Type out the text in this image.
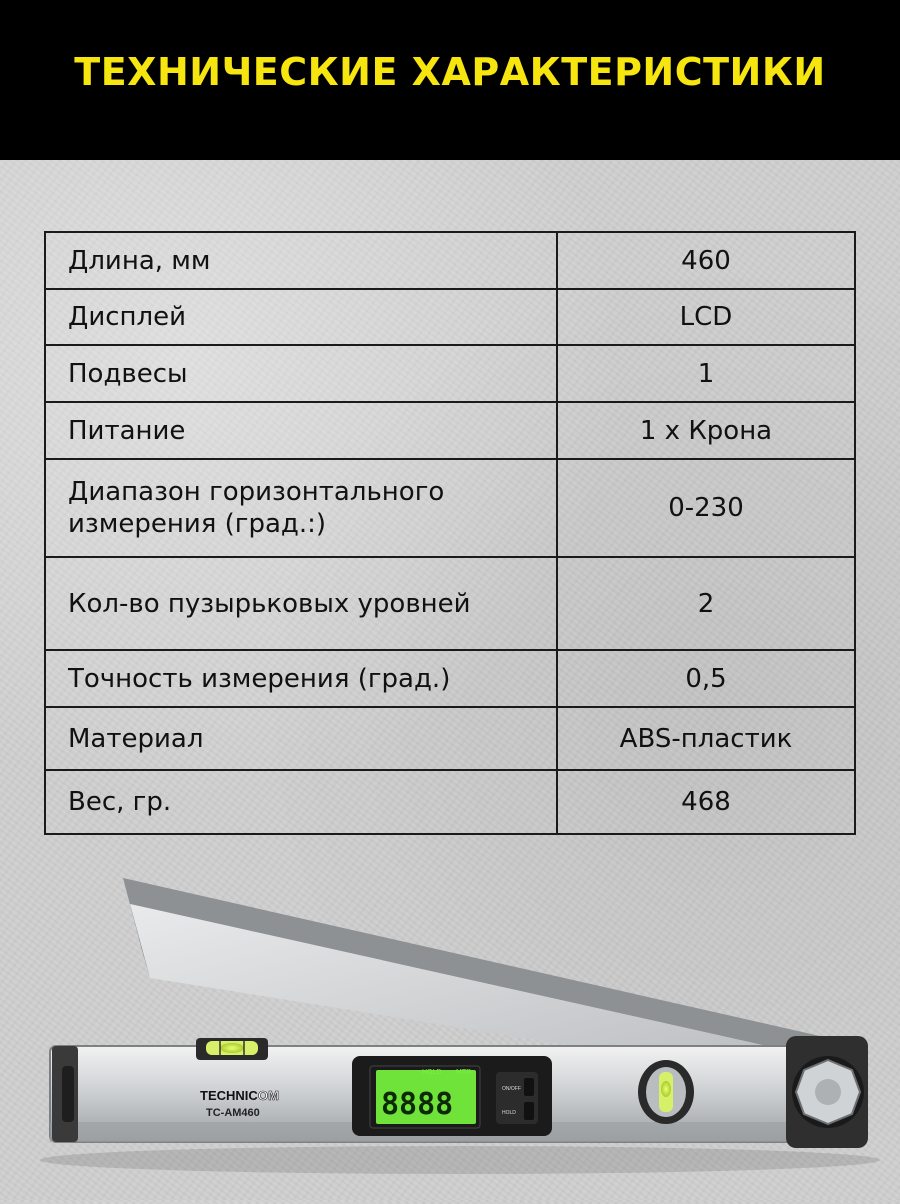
ТЕХНИЧЕСКИЕ ХАРАКТЕРИСТИКИ
Длина, мм	460
Дисплей	LCD
Подвесы	1
Питание	1 х Крона
Диапазон горизонтального измерения (град.:)	0-230
Кол-во пузырьковых уровней	2
Точность измерения (град.)	0,5
Материал	ABS-пластик
Вес, гр.	468
TECHNIC OM
TC-AM460
HOLD MTR
8888	ON/OFF
HOLD
